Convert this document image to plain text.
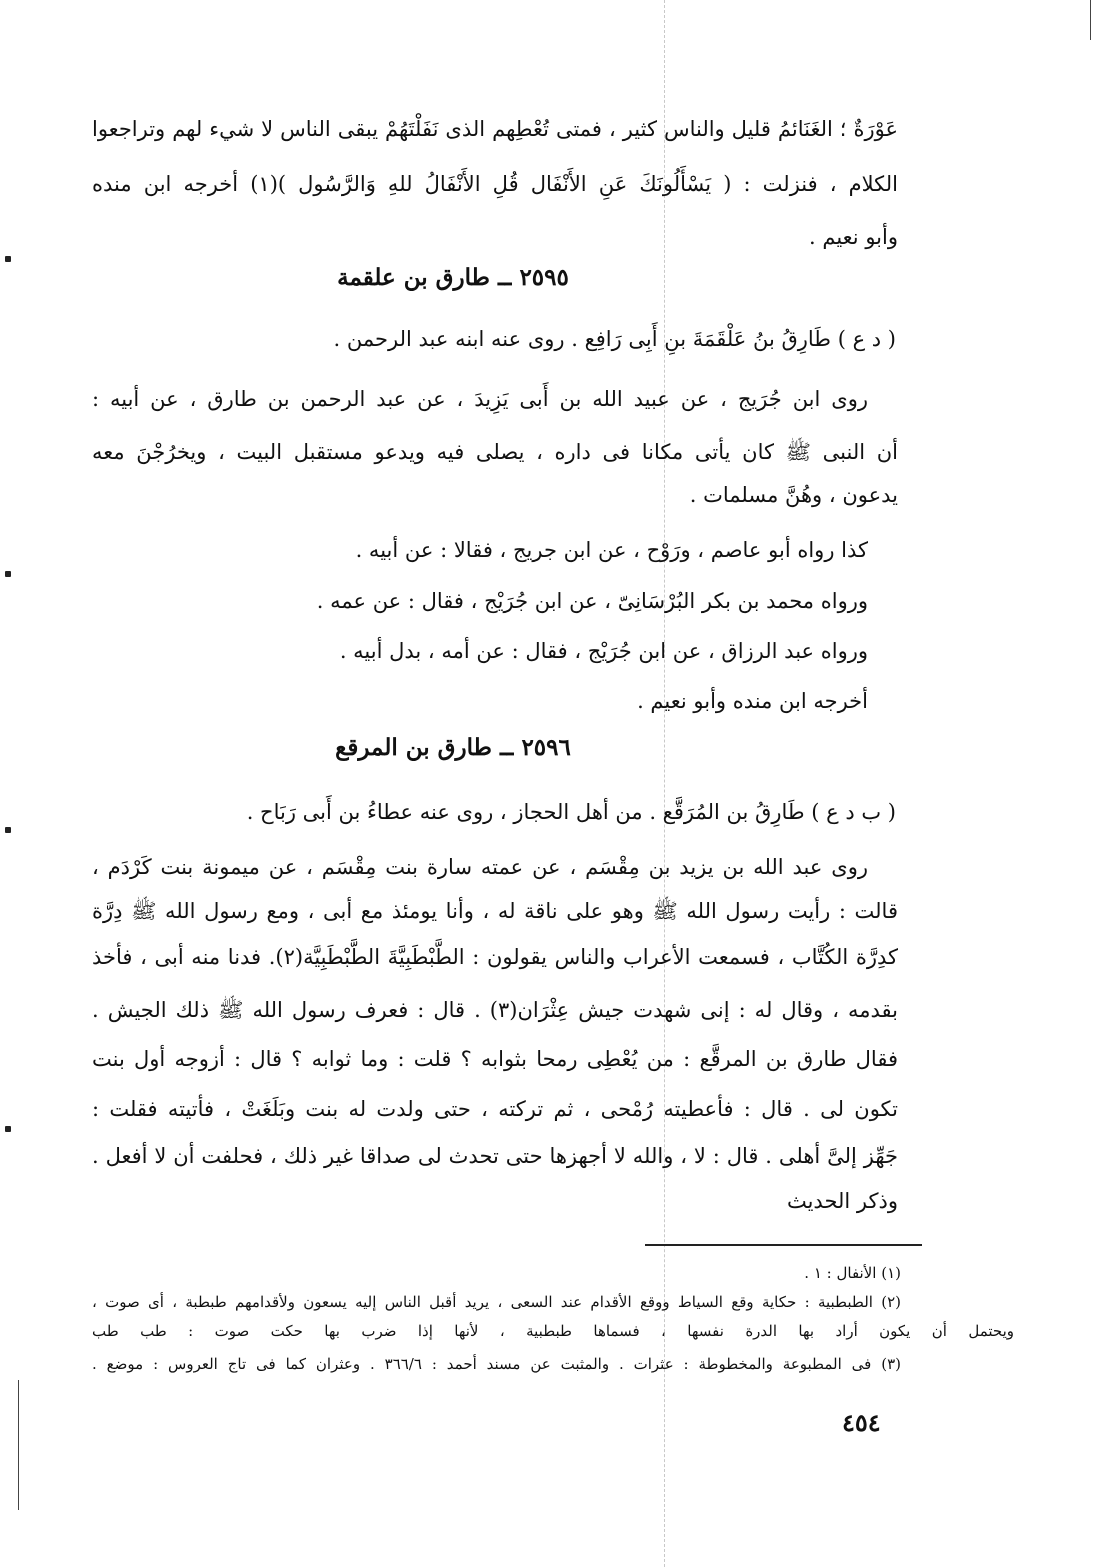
عَوْرَةٌ ؛ الغَنَائمُ قليل والناس كثير ، فمتى تُعْطِهم الذى نَفَلْتَهُمْ يبقى الناس لا شيء لهم وتراجعوا
الكلام ، فنزلت : ( يَسْأَلُونَكَ عَنِ الأَنْفَال قُلِ الأَنْفَالُ للهِ وَالرَّسُول )(١) أخرجه ابن منده
وأبو نعيم .
٢٥٩٥ ــ طارق بن علقمة
( د ع ) طَارِقُ بنُ عَلْقَمَةَ بنِ أَبِى رَافِع . روى عنه ابنه عبد الرحمن .
روى ابن جُرَيج ، عن عبيد الله بن أَبى يَزِيدَ ، عن عبد الرحمن بن طارق ، عن أبيه :
أن النبى ﷺ كان يأتى مكانا فى داره ، يصلى فيه ويدعو مستقبل البيت ، ويخرُجْنَ معه
يدعون ، وهُنَّ مسلمات .
كذا رواه أبو عاصم ، ورَوْح ، عن ابن جريج ، فقالا : عن أبيه .
ورواه محمد بن بكر البُرْسَانِىّ ، عن ابن جُرَيْج ، فقال : عن عمه .
ورواه عبد الرزاق ، عن ابن جُرَيْج ، فقال : عن أمه ، بدل أبيه .
أخرجه ابن منده وأبو نعيم .
٢٥٩٦ ــ طارق بن المرقع
( ب د ع ) طَارِقُ بن المُرَقَّع . من أهل الحجاز ، روى عنه عطاءُ بن أَبى رَبَاح .
روى عبد الله بن يزيد بن مِقْسَم ، عن عمته سارة بنت مِقْسَم ، عن ميمونة بنت كَرْدَم ،
قالت : رأيت رسول الله ﷺ وهو على ناقة له ، وأنا يومئذ مع أبى ، ومع رسول الله ﷺ دِرَّة
كدِرَّة الكُتَّاب ، فسمعت الأعراب والناس يقولون : الطَّبْطَبِيَّةَ الطَّبْطَبِيَّة(٢). فدنا منه أبى ، فأخذ
بقدمه ، وقال له : إنى شهدت جيش عِثْرَان(٣) . قال : فعرف رسول الله ﷺ ذلك الجيش .
فقال طارق بن المرقَّع : من يُعْطِى رمحا بثوابه ؟ قلت : وما ثوابه ؟ قال : أزوجه أول بنت
تكون لى . قال : فأعطيته رُمْحى ، ثم تركته ، حتى ولدت له بنت وبَلَغَتْ ، فأتيته فقلت :
جَهِّز إلىَّ أهلى . قال : لا ، والله لا أجهزها حتى تحدث لى صداقا غير ذلك ، فحلفت أن لا أفعل .
وذكر الحديث
(١) الأنفال : ١ .
(٢) الطبطبية : حكاية وقع السياط ووقع الأقدام عند السعى ، يريد أقبل الناس إليه يسعون ولأقدامهم طبطبة ، أى صوت ،
ويحتمل أن يكون أراد بها الدرة نفسها ، فسماها طبطبية ، لأنها إذا ضرب بها حكت صوت : طب طب
(٣) فى المطبوعة والمخطوطة : عثرات . والمثبت عن مسند أحمد : ٣٦٦/٦ . وعثران كما فى تاج العروس : موضع .
٤٥٤
